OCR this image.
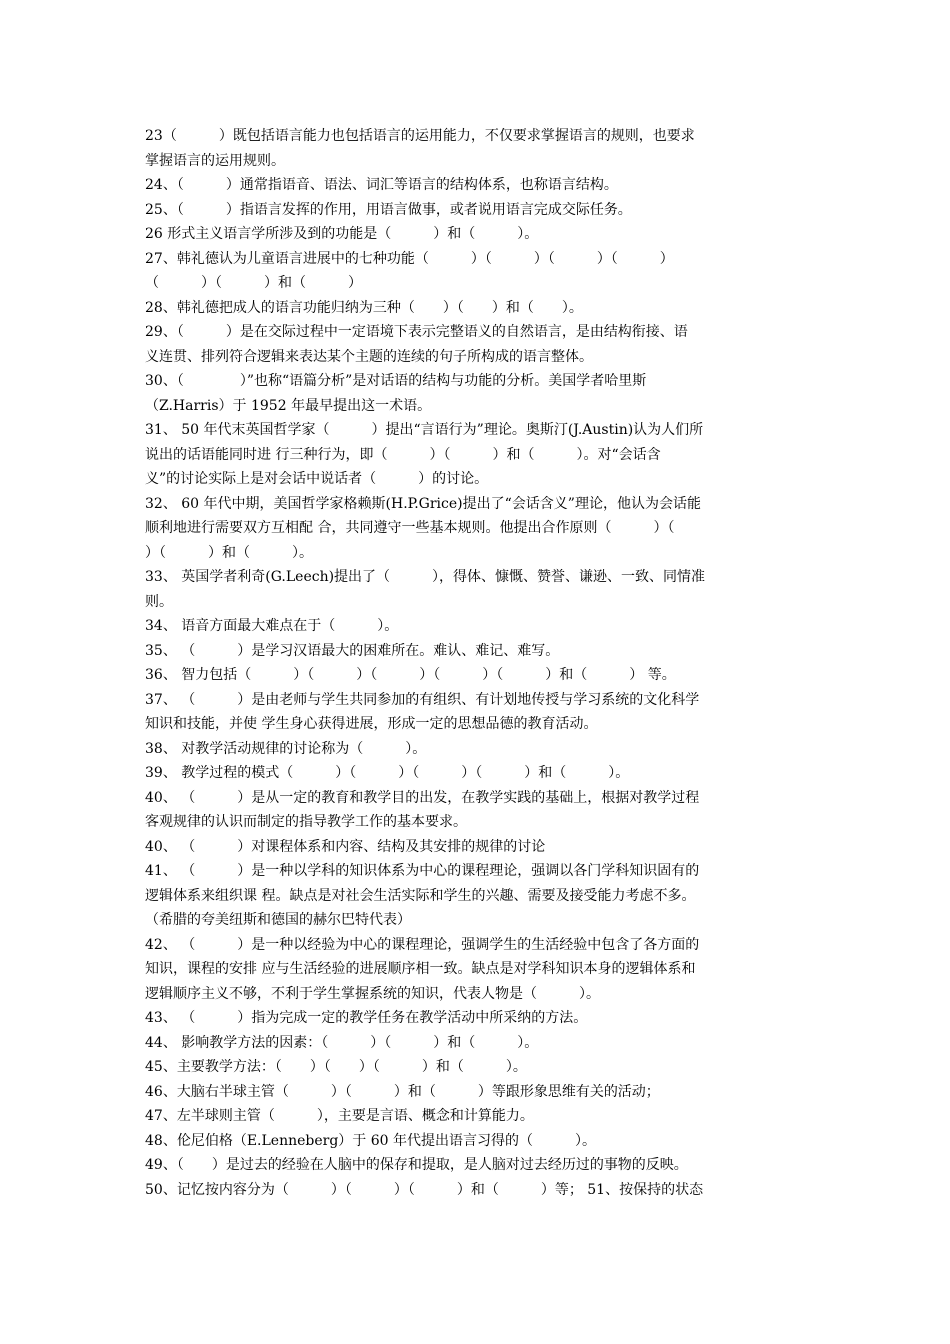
23（　　　）既包括语言能力也包括语言的运用能力，不仅要求掌握语言的规则，也要求
掌握语言的运用规则。
24、（　　　）通常指语音、语法、词汇等语言的结构体系，也称语言结构。
25、（　　　）指语言发挥的作用，用语言做事，或者说用语言完成交际任务。
26 形式主义语言学所涉及到的功能是（　　　）和（　　　）。
27、韩礼德认为儿童语言进展中的七种功能（　　　）（　　　）（　　　）（　　　）
（　　　）（　　　）和（　　　）
28、韩礼德把成人的语言功能归纳为三种（　　）（　　）和（　　）。
29、（　　　）是在交际过程中一定语境下表示完整语义的自然语言，是由结构衔接、语
义连贯、排列符合逻辑来表达某个主题的连续的句子所构成的语言整体。
30、（　　　　）”也称“语篇分析”是对话语的结构与功能的分析。美国学者哈里斯
（Z.Harris）于 1952 年最早提出这一术语。
31、 50 年代末英国哲学家（　　　）提出“言语行为”理论。奥斯汀(J.Austin)认为人们所
说出的话语能同时进 行三种行为，即（　　　）（　　　）和（　　　）。对“会话含
义”的讨论实际上是对会话中说话者（　　　）的讨论。
32、 60 年代中期，美国哲学家格赖斯(H.P.Grice)提出了“会话含义”理论，他认为会话能
顺利地进行需要双方互相配 合，共同遵守一些基本规则。他提出合作原则（　　　）（
）（　　　）和（　　　）。
33、 英国学者利奇(G.Leech)提出了（　　　），得体、慷慨、赞誉、谦逊、一致、同情准
则。
34、 语音方面最大难点在于（　　　）。
35、 （　　　）是学习汉语最大的困难所在。难认、难记、难写。
36、 智力包括（　　　）（　　　）（　　　）（　　　）（　　　）和（　　　） 等。
37、 （　　　）是由老师与学生共同参加的有组织、有计划地传授与学习系统的文化科学
知识和技能，并使 学生身心获得进展，形成一定的思想品德的教育活动。
38、 对教学活动规律的讨论称为（　　　）。
39、 教学过程的模式（　　　）（　　　）（　　　）（　　　）和（　　　）。
40、 （　　　）是从一定的教育和教学目的出发，在教学实践的基础上，根据对教学过程
客观规律的认识而制定的指导教学工作的基本要求。
40、 （　　　）对课程体系和内容、结构及其安排的规律的讨论
41、 （　　　）是一种以学科的知识体系为中心的课程理论，强调以各门学科知识固有的
逻辑体系来组织课 程。缺点是对社会生活实际和学生的兴趣、需要及接受能力考虑不多。
（希腊的夸美纽斯和德国的赫尔巴特代表）
42、 （　　　）是一种以经验为中心的课程理论，强调学生的生活经验中包含了各方面的
知识，课程的安排 应与生活经验的进展顺序相一致。缺点是对学科知识本身的逻辑体系和
逻辑顺序主义不够，不利于学生掌握系统的知识，代表人物是（　　　）。
43、 （　　　）指为完成一定的教学任务在教学活动中所采纳的方法。
44、 影响教学方法的因素：（　　　）（　　　）和（　　　）。
45、主要教学方法：（　　）（　　）（　　　）和（　　　）。
46、大脑右半球主管（　　　）（　　　）和（　　　）等跟形象思维有关的活动；
47、左半球则主管（　　　），主要是言语、概念和计算能力。
48、伦尼伯格（E.Lenneberg）于 60 年代提出语言习得的（　　　）。
49、（　　）是过去的经验在人脑中的保存和提取，是人脑对过去经历过的事物的反映。
50、记忆按内容分为（　　　）（　　　）（　　　）和（　　　）等； 51、按保持的状态
